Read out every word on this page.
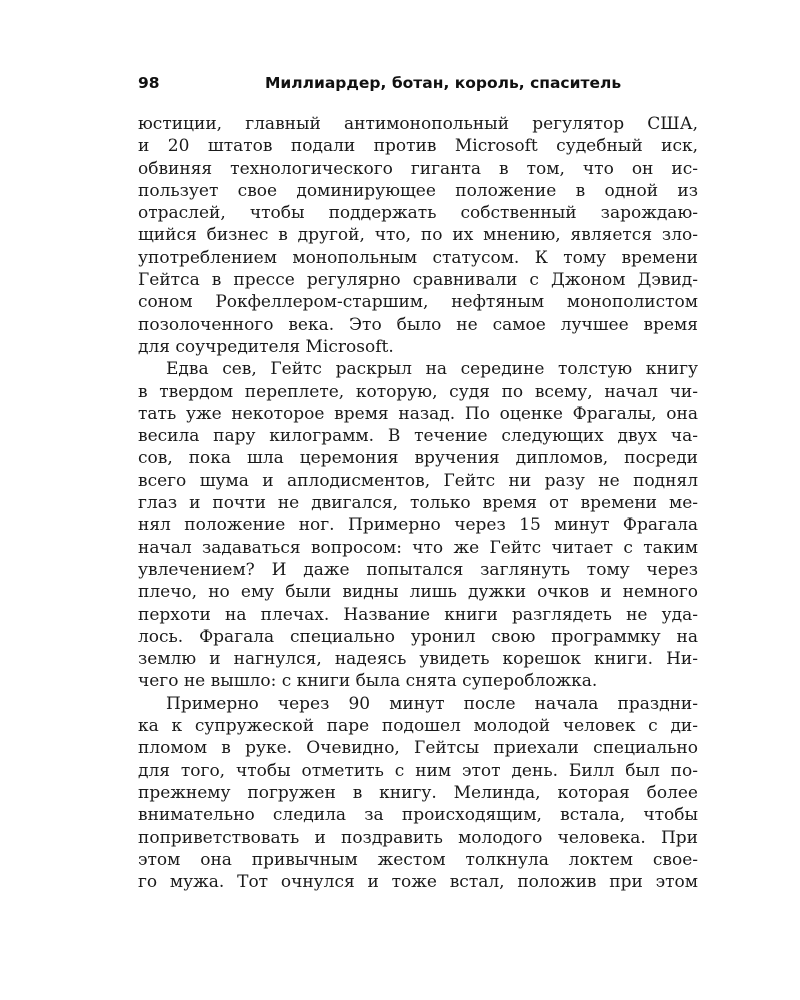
98	Миллиардер, ботан, король, спаситель
юстиции, главный антимонопольный регулятор США,
и 20 штатов подали против Microsoft судебный иск,
обвиняя технологического гиганта в том, что он ис-
пользует свое доминирующее положение в одной из
отраслей, чтобы поддержать собственный зарождаю-
щийся бизнес в другой, что, по их мнению, является зло-
употреблением монопольным статусом. К тому времени
Гейтса в прессе регулярно сравнивали с Джоном Дэвид-
соном Рокфеллером-старшим, нефтяным монополистом
позолоченного века. Это было не самое лучшее время
для соучредителя Microsoft.
Едва сев, Гейтс раскрыл на середине толстую книгу
в твердом переплете, которую, судя по всему, начал чи-
тать уже некоторое время назад. По оценке Фрагалы, она
весила пару килограмм. В течение следующих двух ча-
сов, пока шла церемония вручения дипломов, посреди
всего шума и аплодисментов, Гейтс ни разу не поднял
глаз и почти не двигался, только время от времени ме-
нял положение ног. Примерно через 15 минут Фрагала
начал задаваться вопросом: что же Гейтс читает с таким
увлечением? И даже попытался заглянуть тому через
плечо, но ему были видны лишь дужки очков и немного
перхоти на плечах. Название книги разглядеть не уда-
лось. Фрагала специально уронил свою программку на
землю и нагнулся, надеясь увидеть корешок книги. Ни-
чего не вышло: с книги была снята суперобложка.
Примерно через 90 минут после начала праздни-
ка к супружеской паре подошел молодой человек с ди-
пломом в руке. Очевидно, Гейтсы приехали специально
для того, чтобы отметить с ним этот день. Билл был по-
прежнему погружен в книгу. Мелинда, которая более
внимательно следила за происходящим, встала, чтобы
поприветствовать и поздравить молодого человека. При
этом она привычным жестом толкнула локтем свое-
го мужа. Тот очнулся и тоже встал, положив при этом
